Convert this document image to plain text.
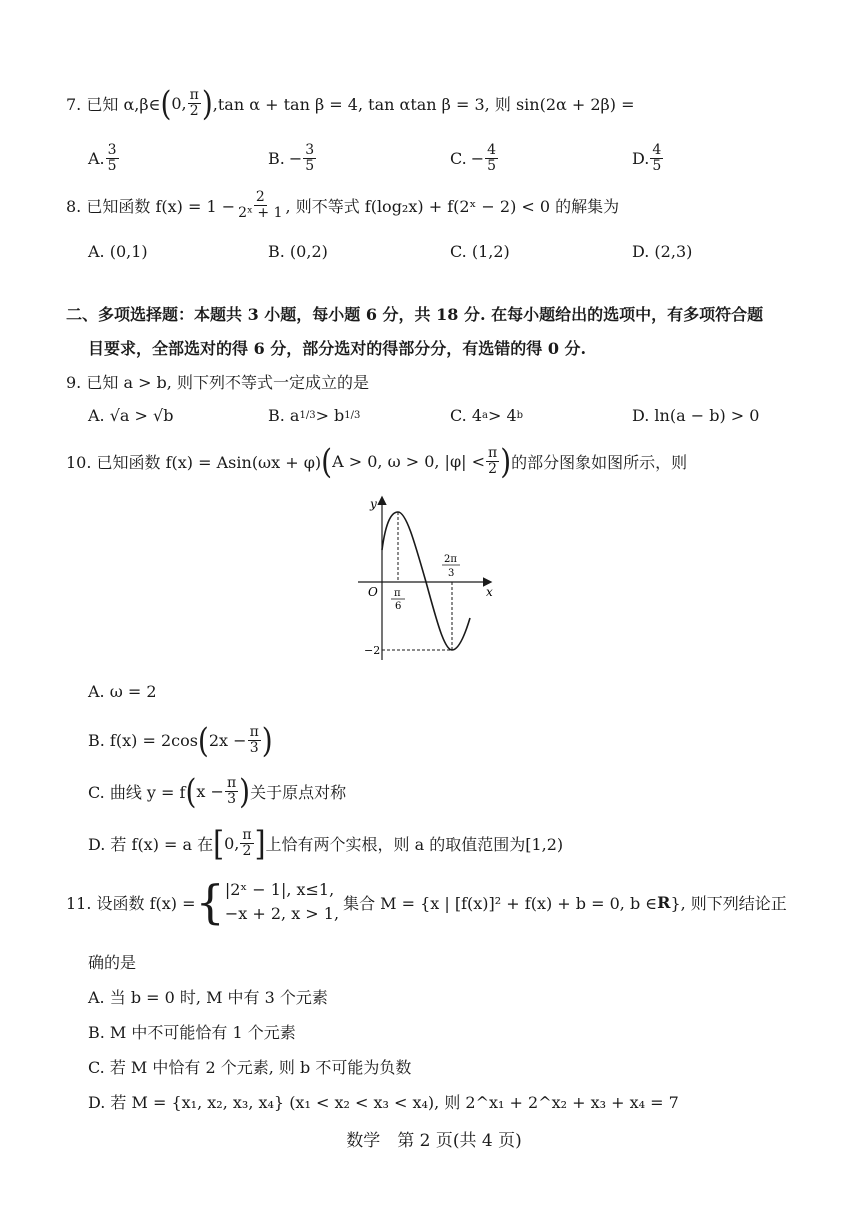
7. 已知 α,β∈ ( 0, $\frac{\pi}{2}$ ) ,tan α + tan β = 4, tan αtan β = 3, 则 sin(2α + 2β) =
A. $\frac{3}{5}$	B. − $\frac{3}{5}$	C. − $\frac{4}{5}$	D. $\frac{4}{5}$
8. 已知函数 $f(x) = 1 - \frac{2}{\text{2ˣ + 1}}$ , 则不等式 f(log₂x) + f(2ˣ − 2) < 0 的解集为
A. (0,1)	B. (0,2)	C. (1,2)	D. (2,3)
二、多项选择题：本题共 3 小题，每小题 6 分，共 18 分. 在每小题给出的选项中，有多项符合题
目要求，全部选对的得 6 分，部分选对的得部分分，有选错的得 0 分.
9. 已知 a > b, 则下列不等式一定成立的是
A. √a > √b	B. a 1/3 > b 1/3	C. 4 a > 4 b	D. ln(a − b) > 0
10. 已知函数 f(x) = Asin(ωx + φ) ( A > 0, ω > 0, $|\varphi| < \frac{\pi}{2}$ ) 的部分图象如图所示，则
y
x
O π
6
2π
3
−2
A. ω = 2
B. f(x) = 2cos ( $2x - \frac{\pi}{3}$ )
C. 曲线 y = f ( $x - \frac{\pi}{3}$ ) 关于原点对称
D. 若 f(x) = a 在 [ 0, $\frac{\pi}{2}$ ] 上恰有两个实根，则 a 的取值范围为[1,2)
11. 设函数 f(x) = { |2ˣ − 1|, x≤1,
−x + 2, x > 1,
集合 M = {x | [f(x)]² + f(x) + b = 0, b ∈ R }, 则下列结论正
确的是
A. 当 b = 0 时, M 中有 3 个元素
B. M 中不可能恰有 1 个元素
C. 若 M 中恰有 2 个元素, 则 b 不可能为负数
D. 若 M = {x₁, x₂, x₃, x₄} (x₁ < x₂ < x₃ < x₄), 则 2^x₁ + 2^x₂ + x₃ + x₄ = 7
数学　第 2 页(共 4 页)
